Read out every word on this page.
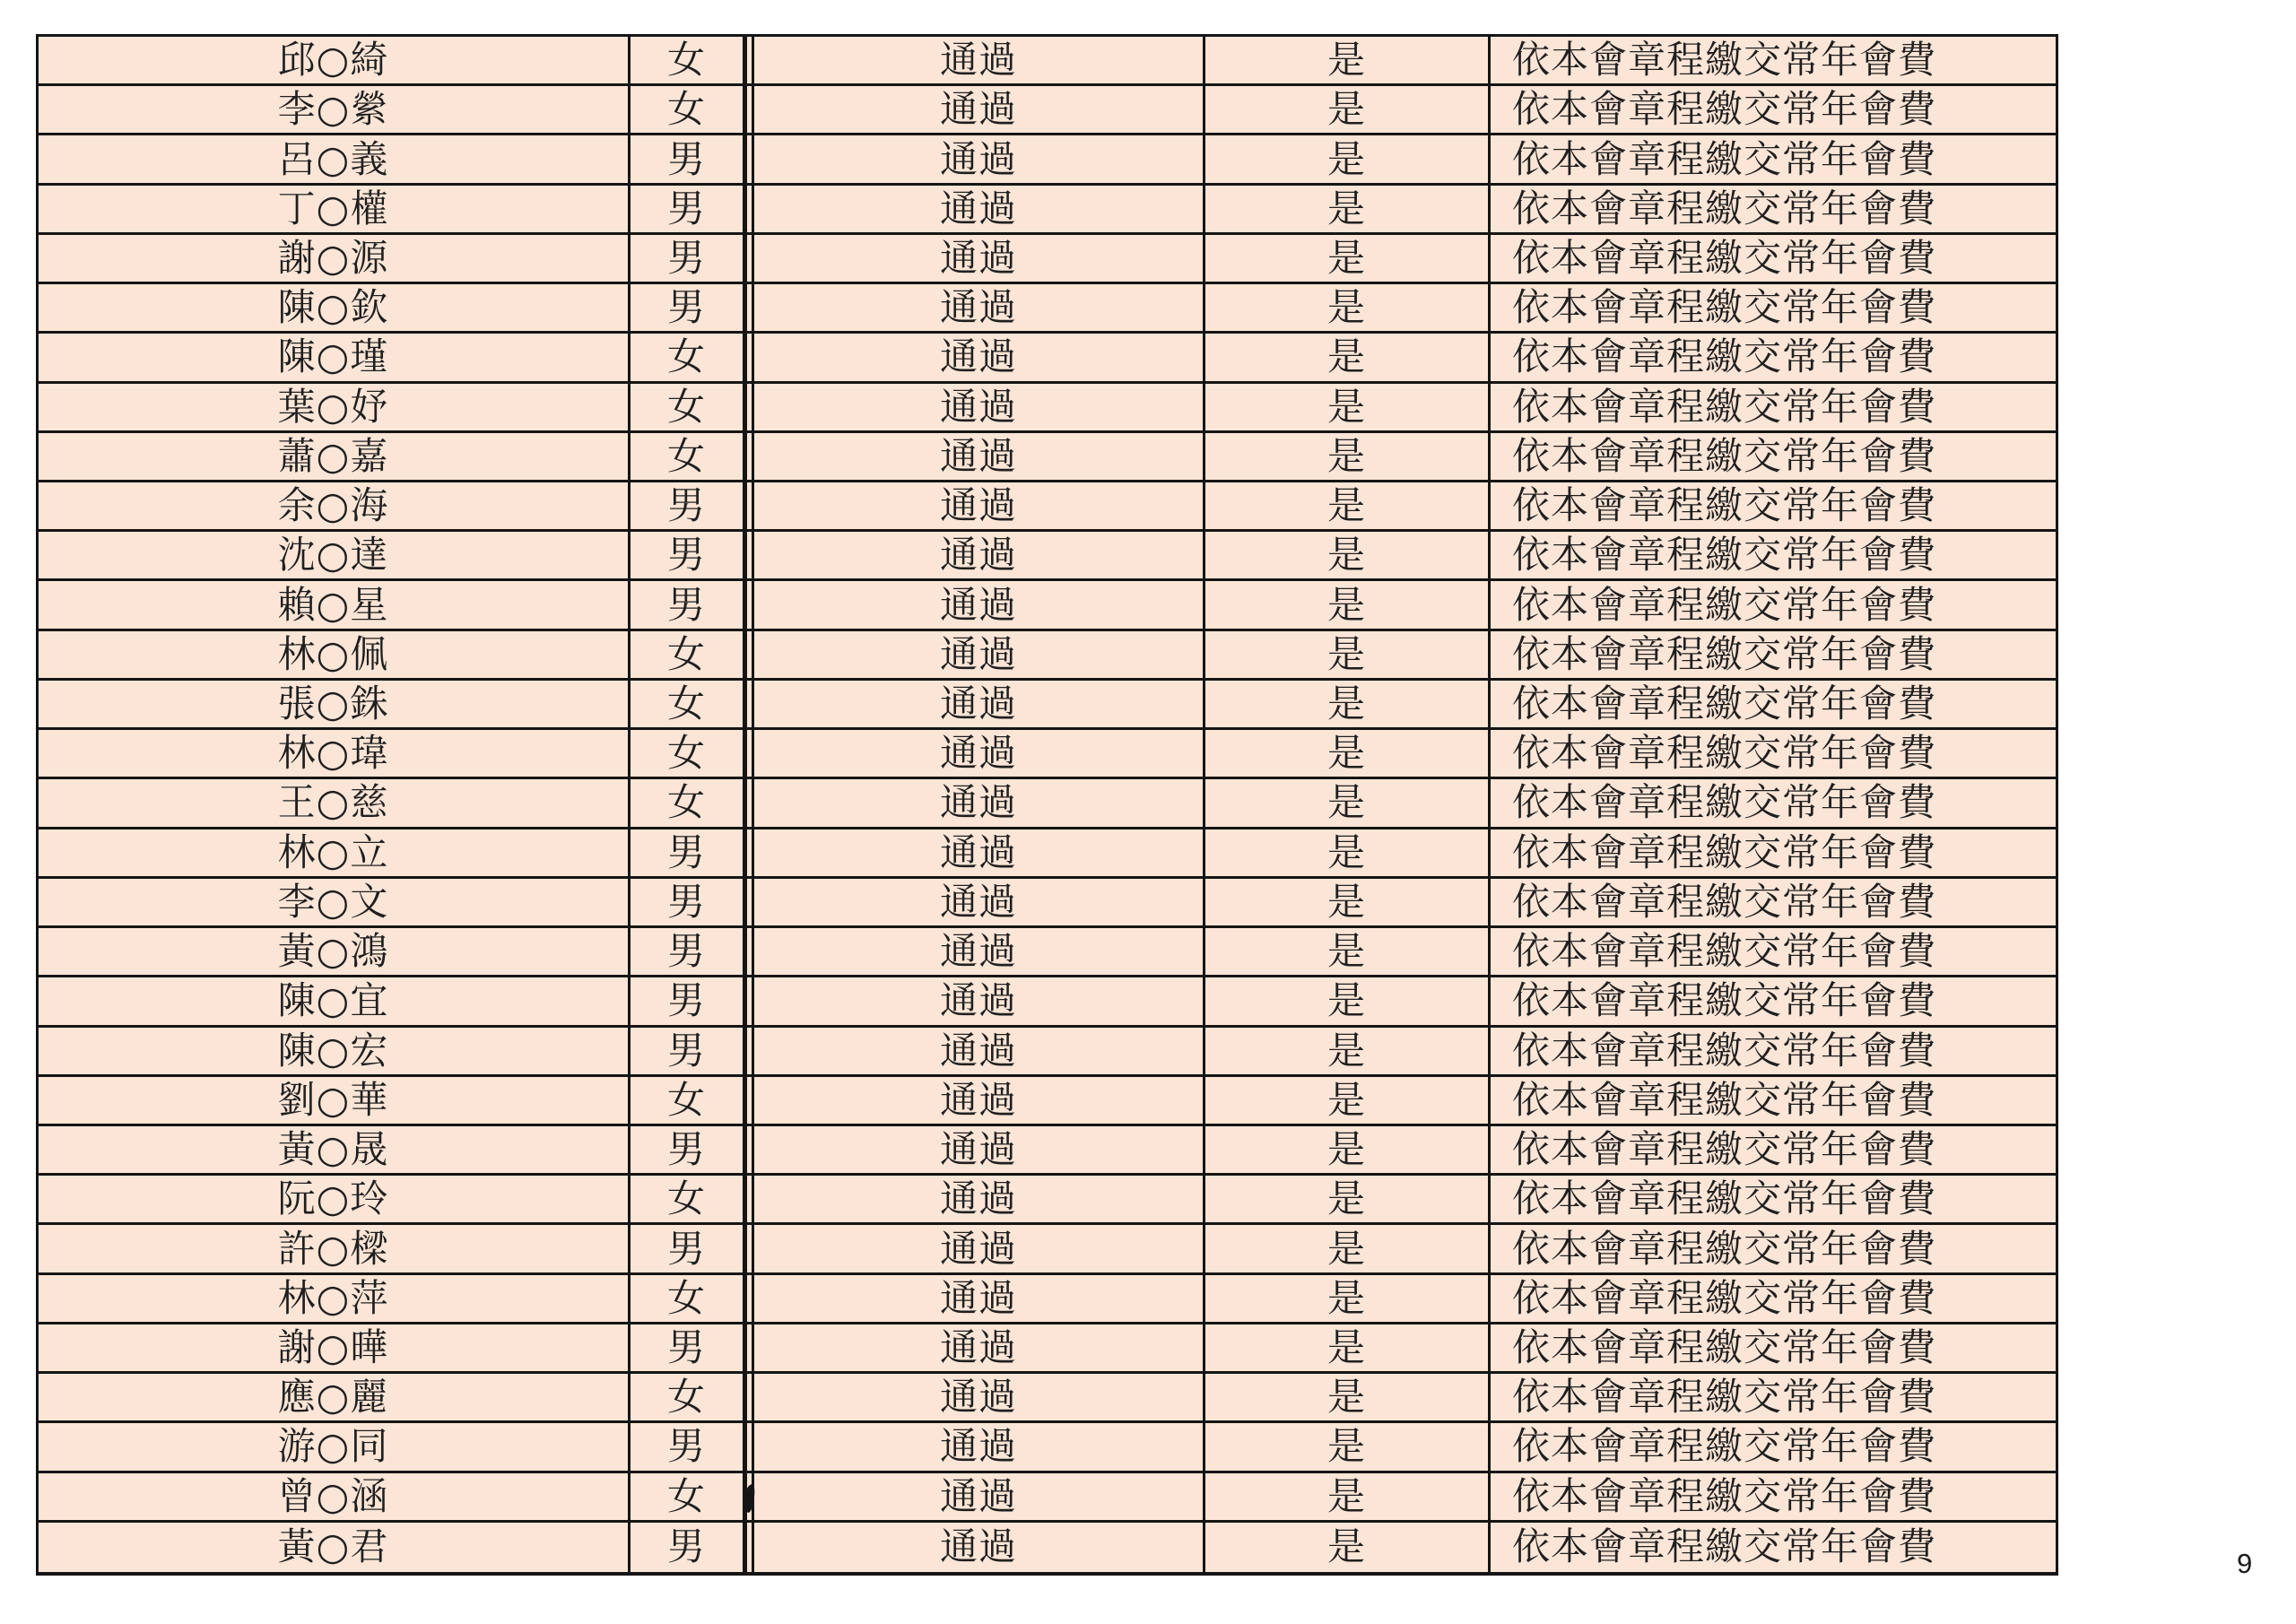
邱○綺	女	通過	是	依本會章程繳交常年會費
李○縈	女	通過	是	依本會章程繳交常年會費
呂○義	男	通過	是	依本會章程繳交常年會費
丁○權	男	通過	是	依本會章程繳交常年會費
謝○源	男	通過	是	依本會章程繳交常年會費
陳○欽	男	通過	是	依本會章程繳交常年會費
陳○瑾	女	通過	是	依本會章程繳交常年會費
葉○妤	女	通過	是	依本會章程繳交常年會費
蕭○嘉	女	通過	是	依本會章程繳交常年會費
余○海	男	通過	是	依本會章程繳交常年會費
沈○達	男	通過	是	依本會章程繳交常年會費
賴○星	男	通過	是	依本會章程繳交常年會費
林○佩	女	通過	是	依本會章程繳交常年會費
張○銖	女	通過	是	依本會章程繳交常年會費
林○瑋	女	通過	是	依本會章程繳交常年會費
王○慈	女	通過	是	依本會章程繳交常年會費
林○立	男	通過	是	依本會章程繳交常年會費
李○文	男	通過	是	依本會章程繳交常年會費
黃○鴻	男	通過	是	依本會章程繳交常年會費
陳○宜	男	通過	是	依本會章程繳交常年會費
陳○宏	男	通過	是	依本會章程繳交常年會費
劉○華	女	通過	是	依本會章程繳交常年會費
黃○晟	男	通過	是	依本會章程繳交常年會費
阮○玲	女	通過	是	依本會章程繳交常年會費
許○樑	男	通過	是	依本會章程繳交常年會費
林○萍	女	通過	是	依本會章程繳交常年會費
謝○曄	男	通過	是	依本會章程繳交常年會費
應○麗	女	通過	是	依本會章程繳交常年會費
游○同	男	通過	是	依本會章程繳交常年會費
曾○涵	女	通過	是	依本會章程繳交常年會費
黃○君	男	通過	是	依本會章程繳交常年會費	9
